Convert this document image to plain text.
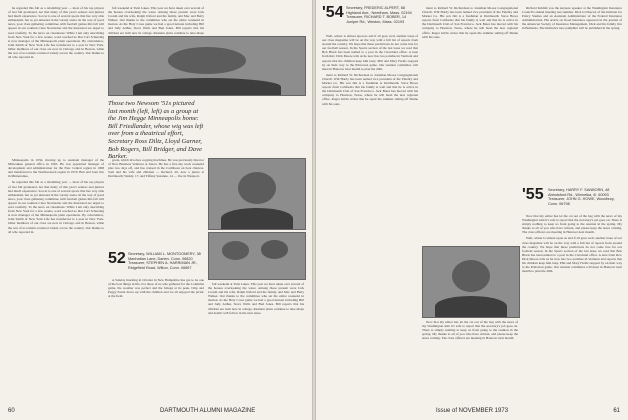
he regarded this fall as a rebuilding year — most of his top players of last fall graduated, not that many of this year's seniors and juniors had much experience. Soccer is one of several sports that has very able enthusiasm, but as yet untested in the varsity arena. In the way of good news, your class gathering committee with football games this fall will appear in our reunion Class Newsletter and the interested are urged to read carefully. To the news on classmates: While I am only describing from New York for a few weeks, word reached us that Carl Scheering is now manager of the Minneapolis plant operations. By coincidence, John Smith of New York Life has transferred to a post in New York. Other members of our class are now in Chicago and in Boston, while the rest of us remain scattered widely across the country. Our thanks to all who reported in.

fall weekend at Twin Lakes. This year we have taken over several of the houses overlooking the water. Among those present were Jack Cronin and his wife, Ralph Oxford and his family, and Mac and Betty Walker. Our thanks to the committee who set the entire weekend in motion. At the Holy Cross game we had a good turnout including Bill and Judy Arthur, Steve Wells and Bud Jones. Bill reports that his children are both now in college. Reunion plans continue to take shape

Those two Newsom '51s pictured last month (left, left) as a group at the Jim Hegge Minneapolis home: Bill Friedlander, whose wig was left over from a theatrical effort, Secretary Ross Diltz, Lloyd Garner, Bob Rogers, Bill Bridger, and Dave Barker.

Minneapolis in 1956, moving up to assistant manager of the Milwaukee general office in 1965. He was appointed manager of development and administration for the New Central region in 1968 and transferred to the Northwestern region in 1970. Bob and Joan live in Minnetonka.

he regarded this fall as a rebuilding year — most of his top players of last fall graduated, not that many of this year's seniors and juniors had much experience. Soccer is one of several sports that has very able enthusiasm, but as yet untested in the varsity arena. In the way of good news, your class gathering committee with football games this fall will appear in our reunion Class Newsletter and the interested are urged to read carefully. To the news on classmates: While I am only describing from New York for a few weeks, word reached us that Carl Scheering is now manager of the Minneapolis plant operations. By coincidence, John Smith of New York Life has transferred to a post in New York. Other members of our class are now in Chicago and in Boston, while the rest of us remain scattered widely across the country. Our thanks to all who reported in.

goals, which involves copying machines. He was previously director of New Business Ventures at Xerox. He has a five-day work weekend plus two days off, and has cruised in the Caribbean on boat charters. Tom and his wife and children — Richard, 20, now a junior at Dartmouth; Wendy, 17, and Tiffany Suzanne, 14 — live in Westport.

52 Secretary, WILLIAM L. MONTGOMERY, 38 Manhattan Lane, Darien, Conn. 06820
Treasurer, STEPHEN A. HARRIMAN JR., Ridgefield Road, Wilton, Conn. 06897

A Sunday morning in October in New Hampshire has got to be one of the best things in life. For those of us who gathered for the Columbia game, the weather was perfect and the foliage at its peak. Chip and Peggy Eaton drove up with the children and we all enjoyed the picnic at the field.

fall weekend at Twin Lakes. This year we have taken over several of the houses overlooking the water. Among those present were Jack Cronin and his wife, Ralph Oxford and his family, and Mac and Betty Walker. Our thanks to the committee who set the entire weekend in motion. At the Holy Cross game we had a good turnout including Bill and Judy Arthur, Steve Wells and Bud Jones. Bill reports that his children are both now in college. Reunion plans continue to take shape and details will follow in the next issue.

60	DARTMOUTH ALUMNI MAGAZINE
'54 Secretary, FREDERIC ALPERT, 68 Highland Ave., Needham, Mass. 02194
Treasurer, RICHARD T. BOBER, 14 Juniper Rd., Weston, Mass. 02193

Well, winter is almost upon us and if all goes well, another issue of our class magazine will be on the way with a full list of reports from around the country. We hope that these predictions do not come true for our football season. In the Sports section of the last issue we read that Bob Black has been named to a post in the Cleveland office. A note from Rev. Dick Moore tells us he now has two parishes in Vermont and reports that his children keep him busy. Phil and Mary Fields stopped by on their way to the Princeton game. Our reunion committee will meet in Hanover next month to plan the 20th.

ment to Richard W. Richardson to Jonathan Moore Congregational Church. Will Hardy has been named vice president of the Fidelity and Market Co. His son Jim is a freshman at Dartmouth. Steve Howe reports from California that his family is well and that he is active in the Dartmouth Club of San Francisco. Jack Bates has moved with his company to Houston, Texas, where he will head the new regional office. Roger Gibbs writes that he spent the summer sailing off Maine with his sons.

ment to Richard W. Richardson to Jonathan Moore Congregational Church. Will Hardy has been named vice president of the Fidelity and Market Co. His son Jim is a freshman at Dartmouth. Steve Howe reports from California that his family is well and that he is active in the Dartmouth Club of San Francisco. Jack Bates has moved with his company to Houston, Texas, where he will head the new regional office. Roger Gibbs writes that he spent the summer sailing off Maine with his sons.

Now that my editor has let the cat out of the bag with the news of my Washington stint it's safe to report that the secretary's job goes on. There is simply nothing to keep us from going to the reunion in the spring. My thanks to all of you who have written, and please keep the notes coming. The class officers are meeting in Hanover next month.

Richard Krimm was the keynote speaker at the Washington Insurance Council's annual meeting last summer. Dick is Director of the Institute for Policy Studies and an Assistant Administrator of the Federal Insurance Administration. His article on flood insurance appeared in the journal of the American Society of Insurance Management. Dick and his family live in Bethesda. The Institute's new pamphlet will be published in the spring.

'55 Secretary, HARRY F. SANBORN, 48 Abbotsford Rd., Winnetka, Ill. 60093
Treasurer, JOHN G. HOWE, Woodbury, Conn. 06798

Now that my editor has let the cat out of the bag with the news of my Washington stint it's safe to report that the secretary's job goes on. There is simply nothing to keep us from going to the reunion in the spring. My thanks to all of you who have written, and please keep the notes coming. The class officers are meeting in Hanover next month.

Well, winter is almost upon us and if all goes well, another issue of our class magazine will be on the way with a full list of reports from around the country. We hope that these predictions do not come true for our football season. In the Sports section of the last issue we read that Bob Black has been named to a post in the Cleveland office. A note from Rev. Dick Moore tells us he now has two parishes in Vermont and reports that his children keep him busy. Phil and Mary Fields stopped by on their way to the Princeton game. Our reunion committee will meet in Hanover next month to plan the 20th.

Issue of NOVEMBER 1973	61
